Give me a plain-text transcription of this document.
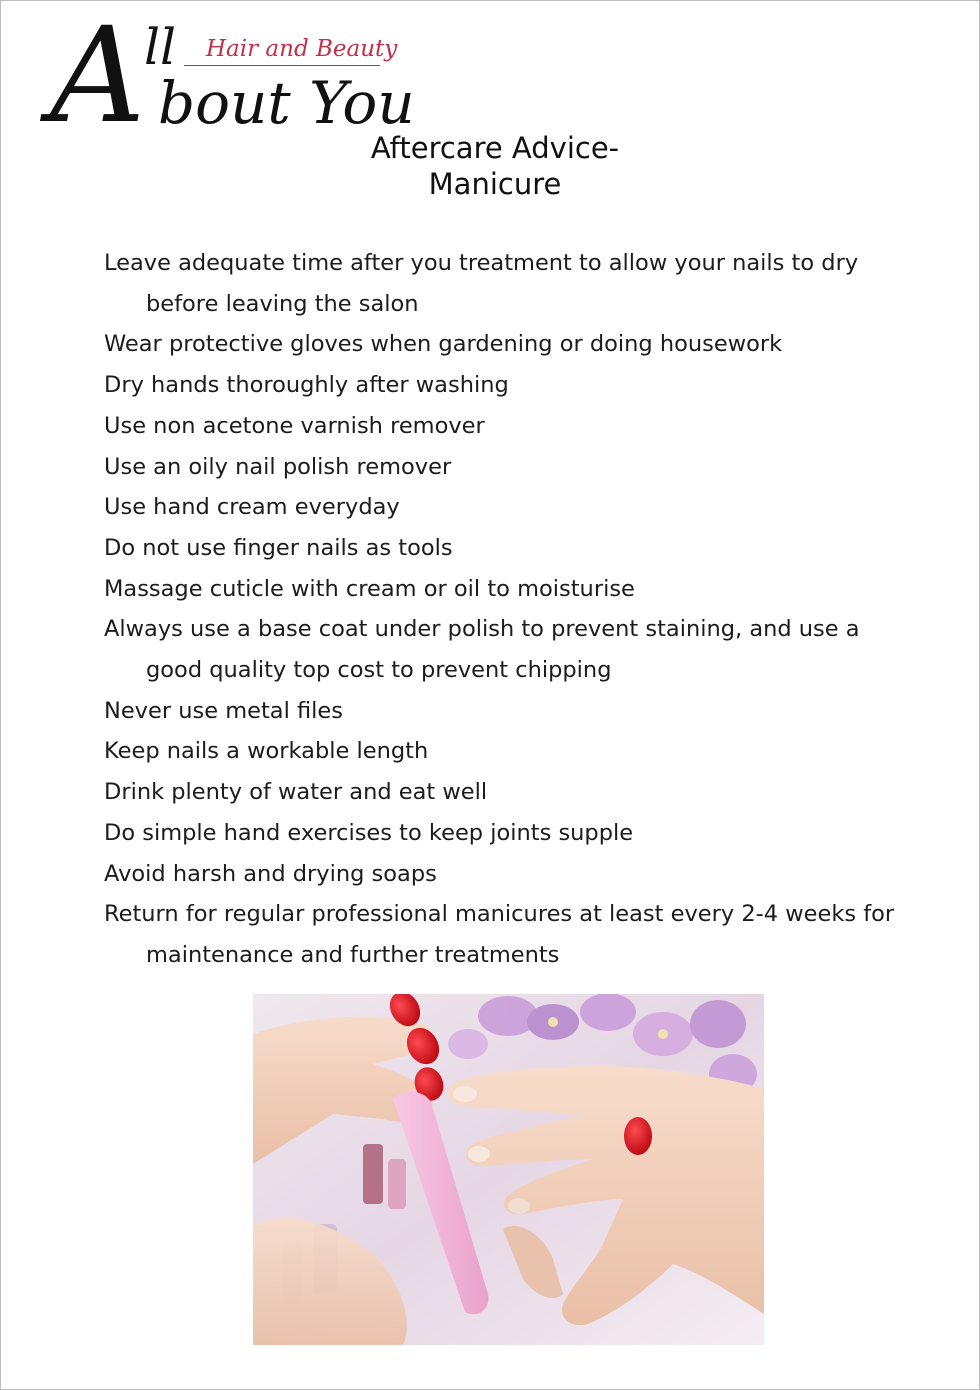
A
ll Hair and Beauty
bout You
Aftercare Advice-
Manicure
Leave adequate time after you treatment to allow your nails to dry before leaving the salon
Wear protective gloves when gardening or doing housework
Dry hands thoroughly after washing
Use non acetone varnish remover
Use an oily nail polish remover
Use hand cream everyday
Do not use finger nails as tools
Massage cuticle with cream or oil to moisturise
Always use a base coat under polish to prevent staining, and use a good quality top cost to prevent chipping
Never use metal files
Keep nails a workable length
Drink plenty of water and eat well
Do simple hand exercises to keep joints supple
Avoid harsh and drying soaps
Return for regular professional manicures at least every 2-4 weeks for maintenance and further treatments
